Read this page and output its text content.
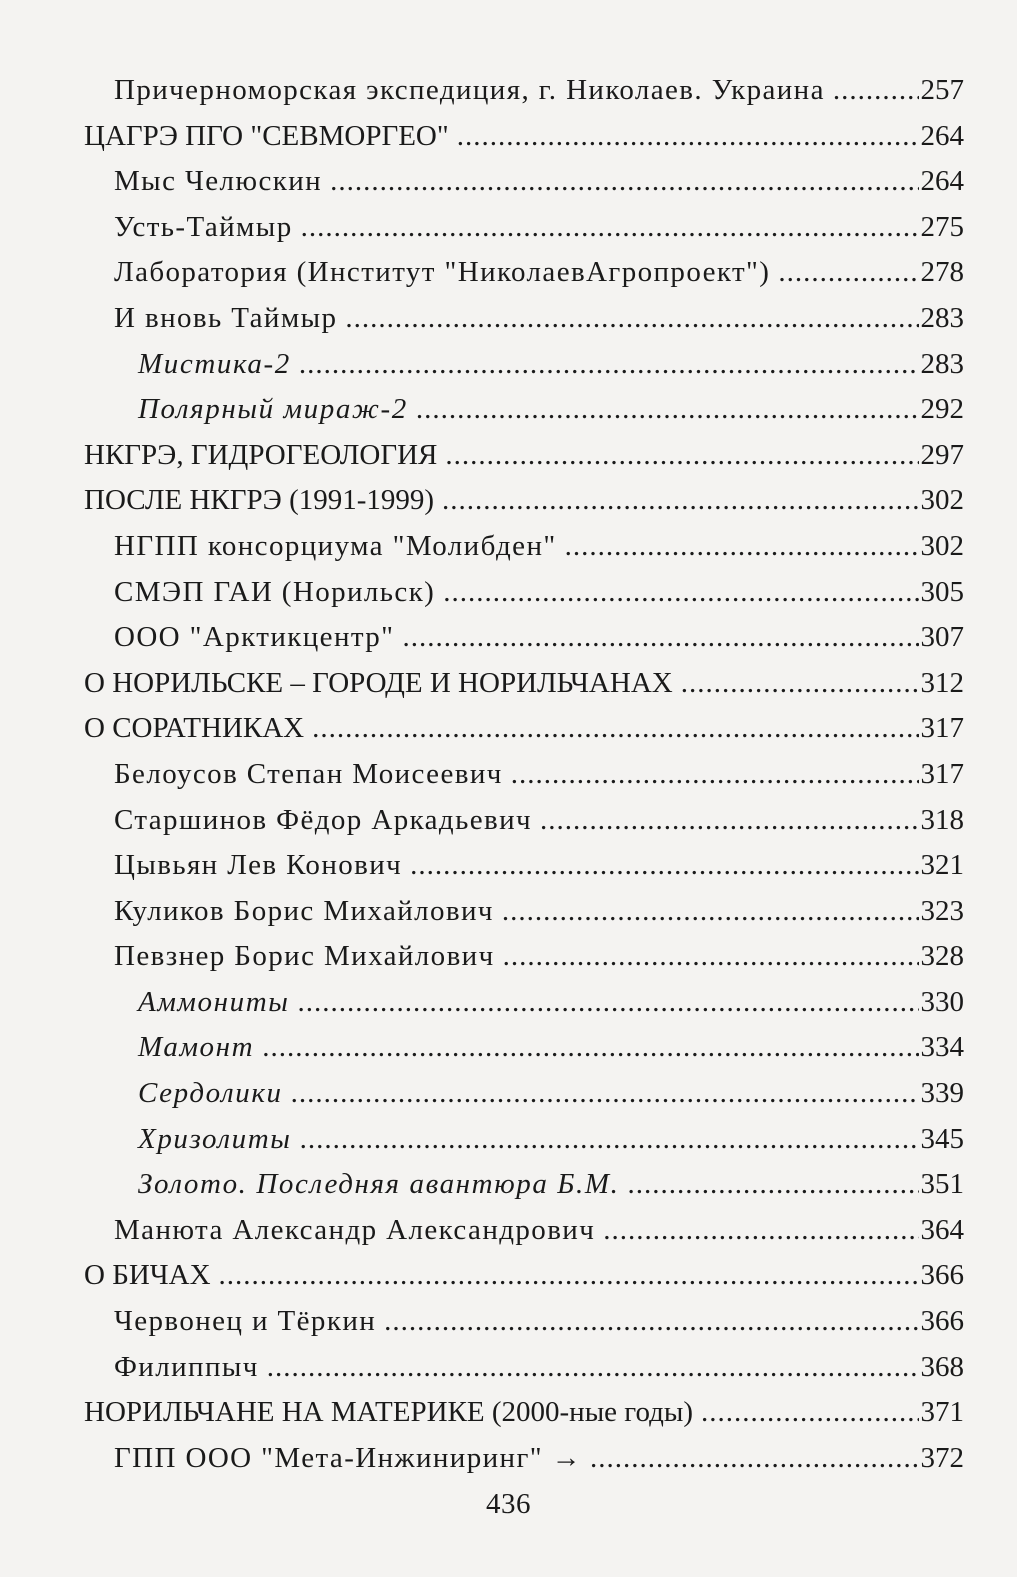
Причерноморская экспедиция, г. Николаев. Украина .....	257
ЦАГРЭ ПГО "СЕВМОРГЕО" .....	264
Мыс Челюскин .....	264
Усть-Таймыр .....	275
Лаборатория (Институт "НиколаевАгропроект") .....	278
И вновь Таймыр .....	283
Мистика-2 .....	283
Полярный мираж-2 .....	292
НКГРЭ, ГИДРОГЕОЛОГИЯ .....	297
ПОСЛЕ НКГРЭ (1991-1999) .....	302
НГПП консорциума "Молибден" .....	302
СМЭП ГАИ (Норильск) .....	305
ООО "Арктикцентр" .....	307
О НОРИЛЬСКЕ – ГОРОДЕ И НОРИЛЬЧАНАХ .....	312
О СОРАТНИКАХ .....	317
Белоусов Степан Моисеевич .....	317
Старшинов Фёдор Аркадьевич .....	318
Цывьян Лев Конович .....	321
Куликов Борис Михайлович .....	323
Певзнер Борис Михайлович .....	328
Аммониты .....	330
Мамонт .....	334
Сердолики .....	339
Хризолиты .....	345
Золото. Последняя авантюра Б.М. .....	351
Манюта Александр Александрович .....	364
О БИЧАХ .....	366
Червонец и Тёркин .....	366
Филиппыч .....	368
НОРИЛЬЧАНЕ НА МАТЕРИКЕ (2000-ные годы) .....	371
ГПП ООО "Мета-Инжиниринг" → .....	372
436
